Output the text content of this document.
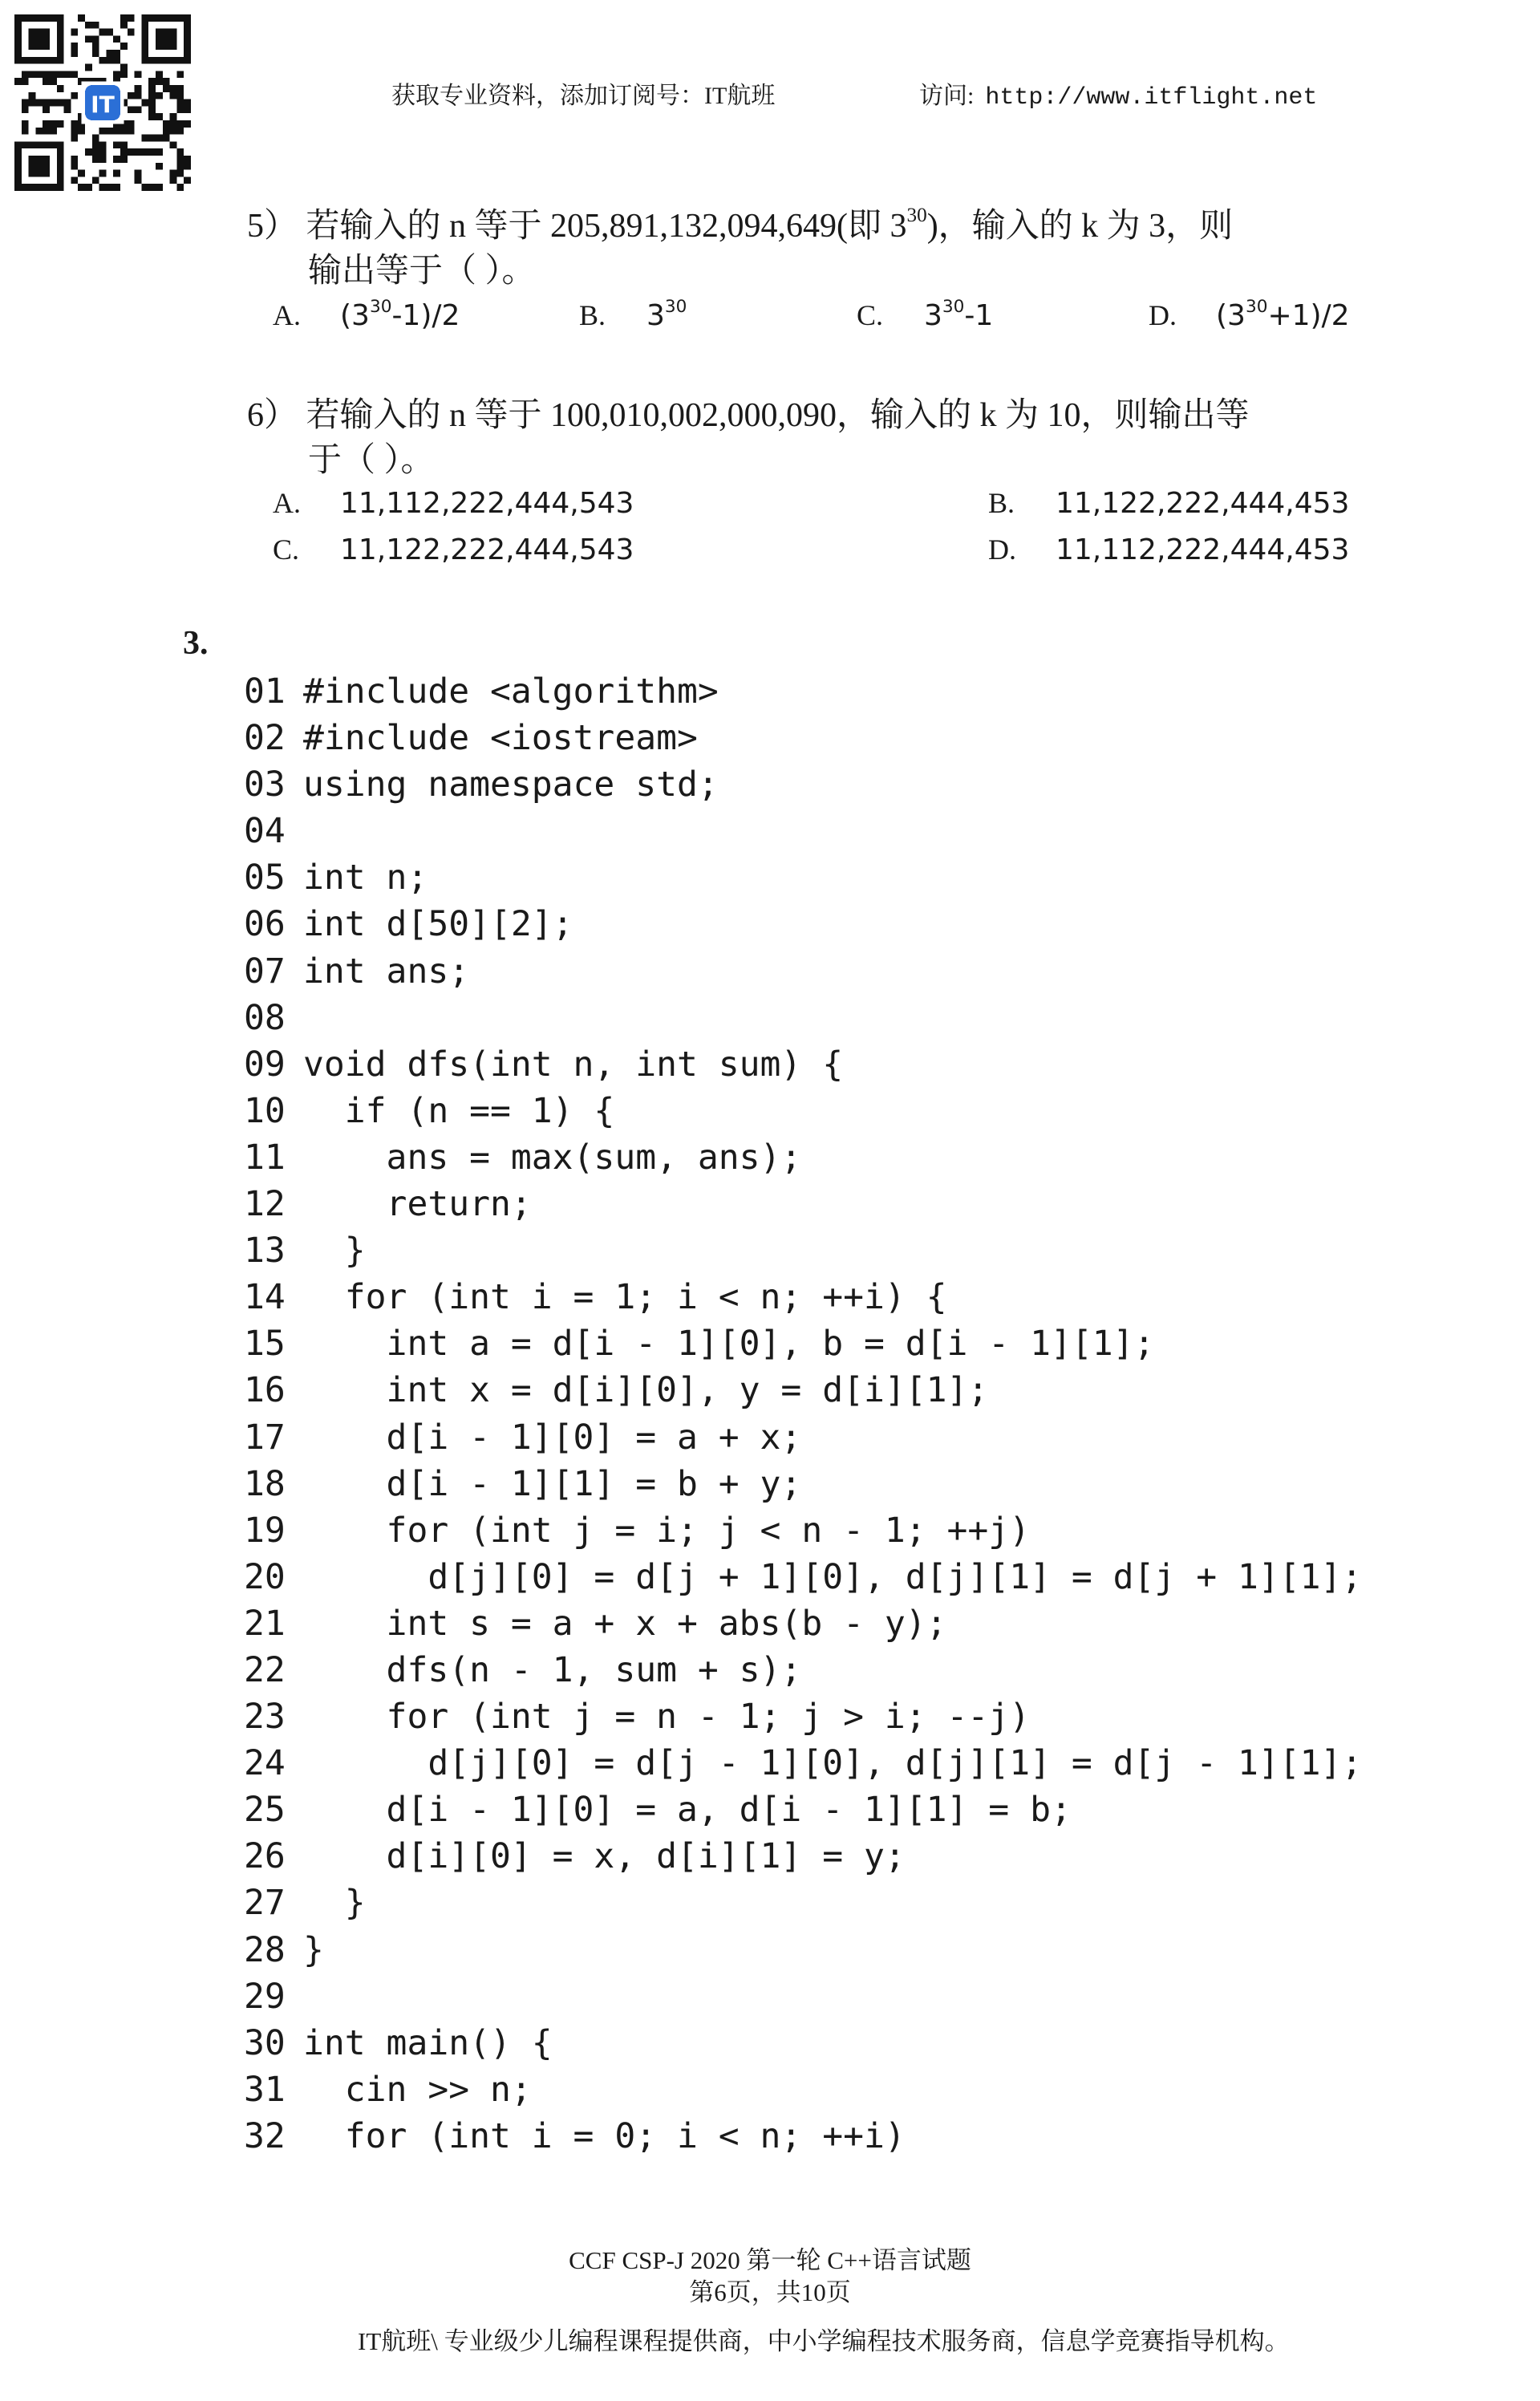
IT	获取专业资料，添加订阅号：IT航班	访问: http://www.itflight.net
5） 若输入的 n 等于 205,891,132,094,649(即 $3^{30}$)，输入的 k 为 3，则
输出等于（ ）。
A. $(3^{30}-1)/2$	B. $3^{30}$	C. $3^{30}-1$	D. $(3^{30}+1)/2$
6） 若输入的 n 等于 100,010,002,000,090，输入的 k 为 10，则输出等
于（ ）。
A. 11,112,222,444,543	B. 11,122,222,444,453
C. 11,122,222,444,543	D. 11,112,222,444,453
3.
01 #include <algorithm>
02 #include <iostream>
03 using namespace std;
04
05 int n;
06 int d[50][2];
07 int ans;
08
09 void dfs(int n, int sum) {
10  if (n == 1) {
11    ans = max(sum, ans);
12    return;
13  }
14  for (int i = 1; i < n; ++i) {
15    int a = d[i - 1][0], b = d[i - 1][1];
16    int x = d[i][0], y = d[i][1];
17    d[i - 1][0] = a + x;
18    d[i - 1][1] = b + y;
19    for (int j = i; j < n - 1; ++j)
20      d[j][0] = d[j + 1][0], d[j][1] = d[j + 1][1];
21    int s = a + x + abs(b - y);
22    dfs(n - 1, sum + s);
23    for (int j = n - 1; j > i; --j)
24      d[j][0] = d[j - 1][0], d[j][1] = d[j - 1][1];
25    d[i - 1][0] = a, d[i - 1][1] = b;
26    d[i][0] = x, d[i][1] = y;
27  }
28 }
29
30 int main() {
31  cin >> n;
32  for (int i = 0; i < n; ++i)
CCF CSP-J 2020 第一轮 C++语言试题
第6页，共10页
IT航班\ 专业级少儿编程课程提供商，中小学编程技术服务商，信息学竞赛指导机构。
